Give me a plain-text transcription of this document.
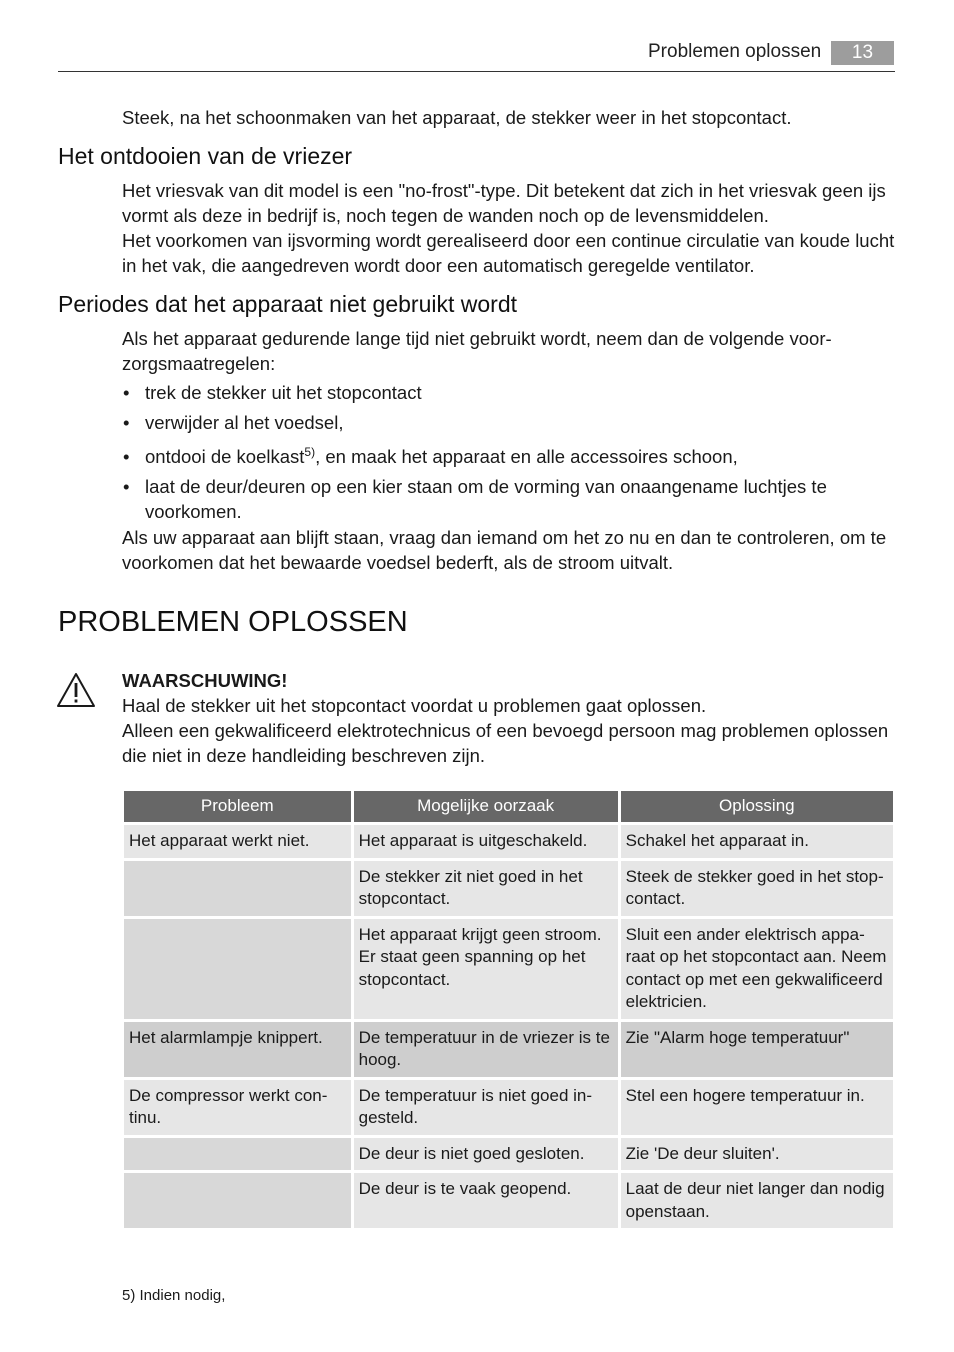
Problemen oplossen	13
Steek, na het schoonmaken van het apparaat, de stekker weer in het stopcontact.
Het ontdooien van de vriezer
Het vriesvak van dit model is een "no-frost"-type. Dit betekent dat zich in het vriesvak geen ijs vormt als deze in bedrijf is, noch tegen de wanden noch op de levensmiddelen.
Het voorkomen van ijsvorming wordt gerealiseerd door een continue circulatie van koude lucht in het vak, die aangedreven wordt door een automatisch geregelde ventilator.
Periodes dat het apparaat niet gebruikt wordt
Als het apparaat gedurende lange tijd niet gebruikt wordt, neem dan de volgende voorzorgsmaatregelen:
• trek de stekker uit het stopcontact
• verwijder al het voedsel,
• ontdooi de koelkast$^{5)}$, en maak het apparaat en alle accessoires schoon,
• laat de deur/deuren op een kier staan om de vorming van onaangename luchtjes te voorkomen.
Als uw apparaat aan blijft staan, vraag dan iemand om het zo nu en dan te controleren, om te voorkomen dat het bewaarde voedsel bederft, als de stroom uitvalt.
PROBLEMEN OPLOSSEN
WAARSCHUWING!
Haal de stekker uit het stopcontact voordat u problemen gaat oplossen.
Alleen een gekwalificeerd elektrotechnicus of een bevoegd persoon mag problemen oplossen die niet in deze handleiding beschreven zijn.
Probleem	Mogelijke oorzaak	Oplossing
Het apparaat werkt niet.	Het apparaat is uitgeschakeld.	Schakel het apparaat in.
	De stekker zit niet goed in het stopcontact.	Steek de stekker goed in het stopcontact.
	Het apparaat krijgt geen stroom. Er staat geen spanning op het stopcontact.	Sluit een ander elektrisch apparaat op het stopcontact aan. Neem contact op met een gekwalificeerd elektricien.
Het alarmlampje knippert.	De temperatuur in de vriezer is te hoog.	Zie "Alarm hoge temperatuur"
De compressor werkt continu.	De temperatuur is niet goed ingesteld.	Stel een hogere temperatuur in.
	De deur is niet goed gesloten.	Zie 'De deur sluiten'.
	De deur is te vaak geopend.	Laat de deur niet langer dan nodig openstaan.
5) Indien nodig,
